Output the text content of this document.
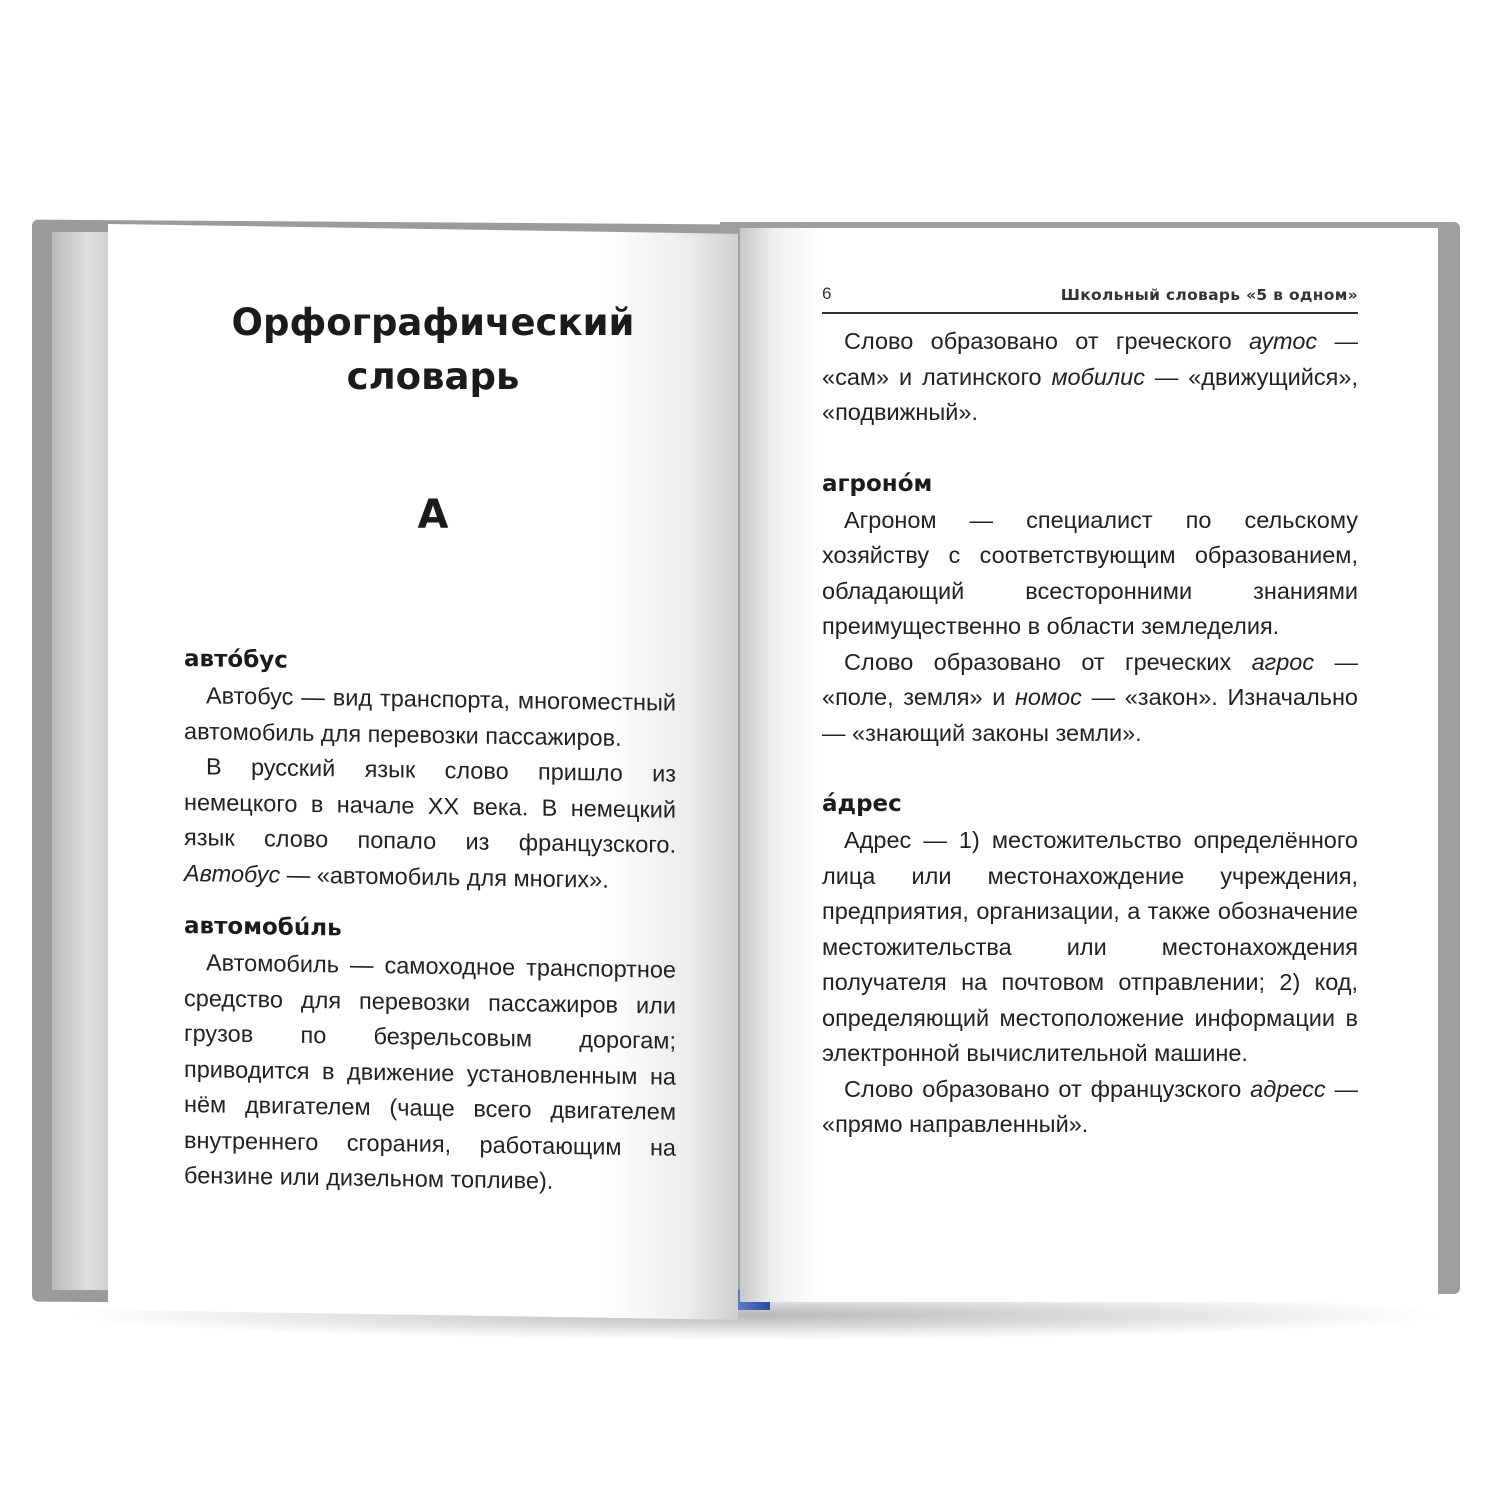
Орфографический
словарь
А
автóбус

Автобус — вид транспорта, многоместный автомобиль для перевозки пассажиров.

В русский язык слово пришло из немецкого в начале XX века. В немецкий язык слово попало из французского. Автобус — «автомобиль для многих».

автомобúль

Автомобиль — самоходное транспортное средство для перевозки пассажиров или грузов по безрельсовым дорогам; приводится в движение установленным на нём двигателем (чаще всего двигателем внутреннего сгорания, работающим на бензине или дизельном топливе).

6	Школьный словарь «5 в одном»

Слово образовано от греческого аутос — «сам» и латинского мобилис — «движущийся», «подвижный».

агронóм

Агроном — специалист по сельскому хозяйству с соответствующим образованием, обладающий всесторонними знаниями преимущественно в области земледелия.

Слово образовано от греческих агрос — «поле, земля» и номос — «закон». Изначально — «знающий законы земли».

áдрес

Адрес — 1) местожительство определённого лица или местонахождение учреждения, предприятия, организации, а также обозначение местожительства или местонахождения получателя на почтовом отправлении; 2) код, определяющий местоположение информации в электронной вычислительной машине.

Слово образовано от французского адресс — «прямо направленный».
